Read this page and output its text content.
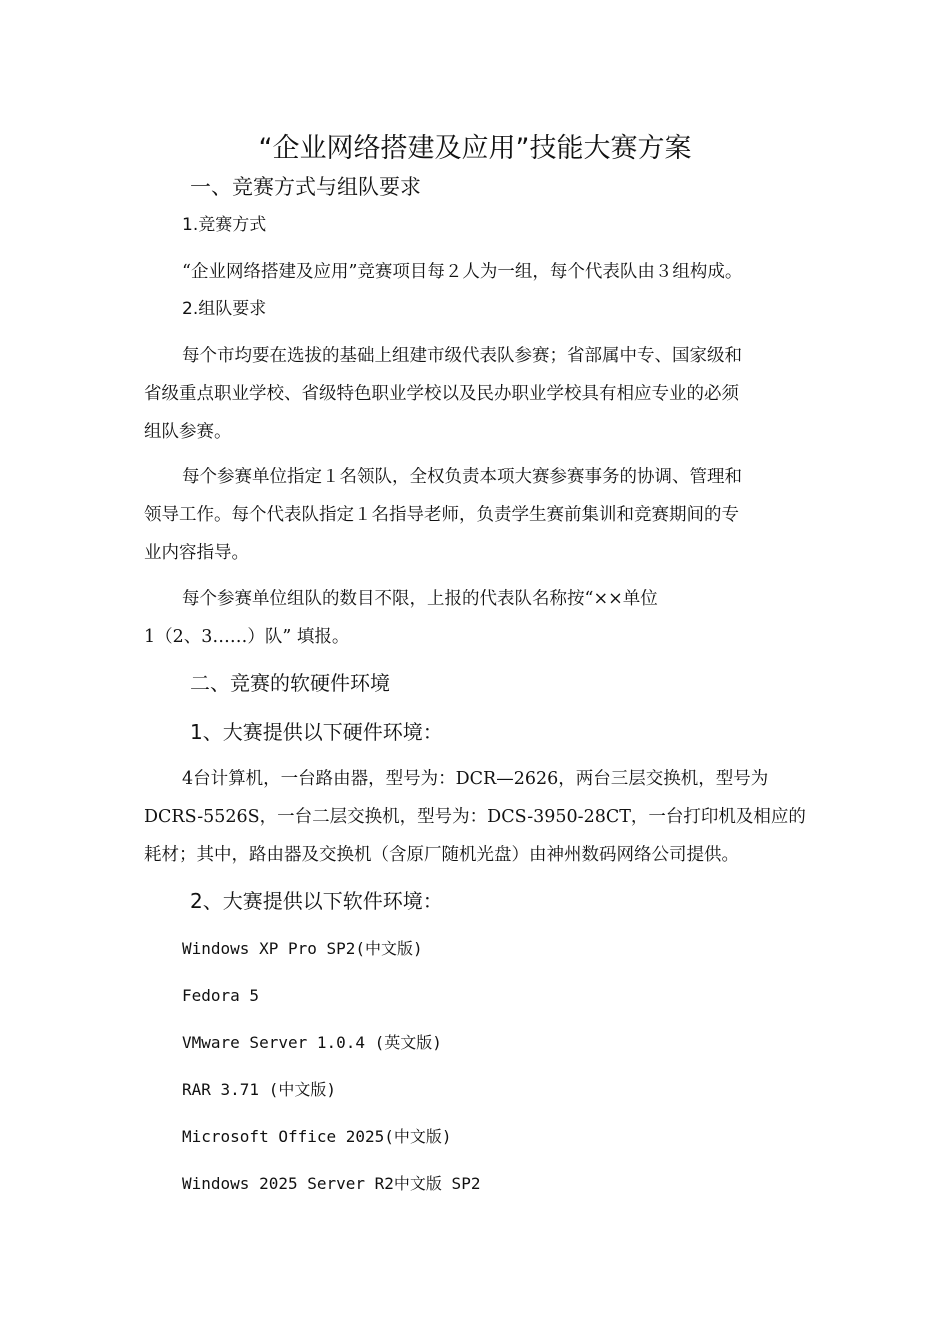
“企业网络搭建及应用”技能大赛方案
一、竞赛方式与组队要求
1.竞赛方式
“企业网络搭建及应用”竞赛项目每２人为一组，每个代表队由３组构成。
2.组队要求
每个市均要在选拔的基础上组建市级代表队参赛；省部属中专、国家级和
省级重点职业学校、省级特色职业学校以及民办职业学校具有相应专业的必须
组队参赛。
每个参赛单位指定１名领队，全权负责本项大赛参赛事务的协调、管理和
领导工作。每个代表队指定１名指导老师，负责学生赛前集训和竞赛期间的专
业内容指导。
每个参赛单位组队的数目不限，上报的代表队名称按“××单位
1（2、3……）队” 填报。
二、竞赛的软硬件环境
1、大赛提供以下硬件环境：
4台计算机，一台路由器，型号为：DCR—2626，两台三层交换机，型号为
DCRS-5526S，一台二层交换机，型号为：DCS-3950-28CT，一台打印机及相应的
耗材；其中，路由器及交换机（含原厂随机光盘）由神州数码网络公司提供。
2、大赛提供以下软件环境：
Windows XP Pro SP2(中文版)
Fedora 5
VMware Server 1.0.4 (英文版)
RAR 3.71 (中文版)
Microsoft Office 2025(中文版)
Windows 2025 Server R2中文版 SP2
